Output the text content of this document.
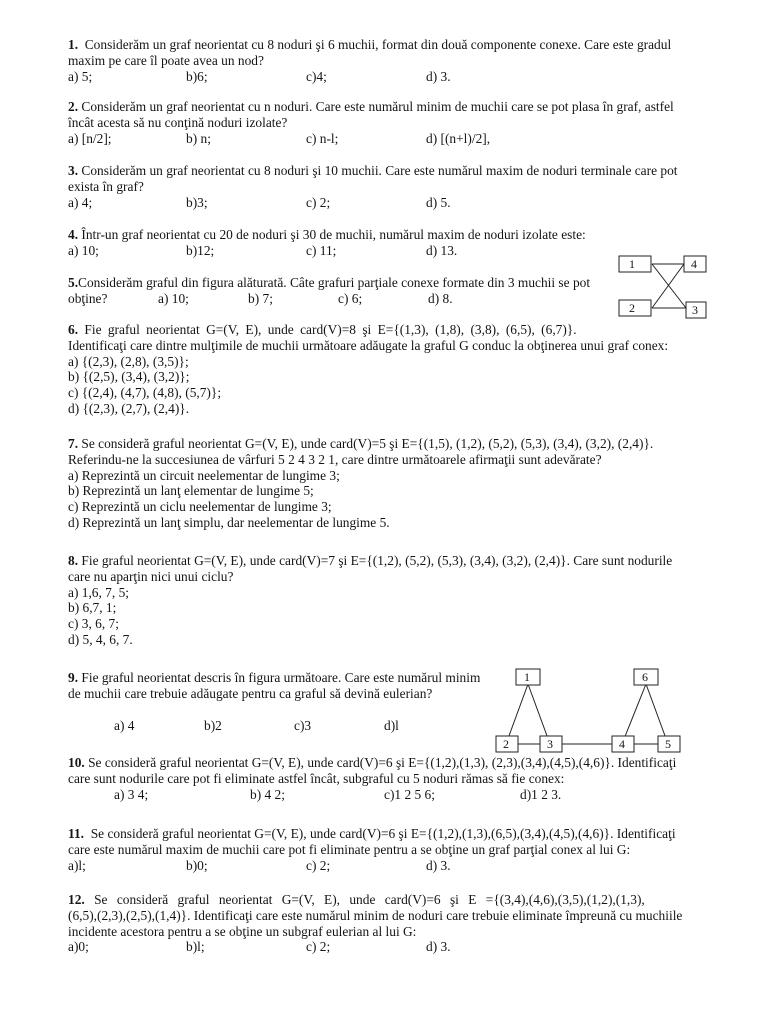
1. Considerăm un graf neorientat cu 8 noduri şi 6 muchii, format din două componente conexe. Care este gradul
maxim pe care îl poate avea un nod?
a) 5;	b)6;	c)4;	d) 3.
2. Considerăm un graf neorientat cu n noduri. Care este numărul minim de muchii care se pot plasa în graf, astfel
încât acesta să nu conţină noduri izolate?
a) [n/2];	b) n;	c) n-l;	d) [(n+l)/2],
3. Considerăm un graf neorientat cu 8 noduri şi 10 muchii. Care este numărul maxim de noduri terminale care pot
exista în graf?
a) 4;	b)3;	c) 2;	d) 5.
4. Într-un graf neorientat cu 20 de noduri şi 30 de muchii, numărul maxim de noduri izolate este:
a) 10;	b)12;	c) 11;	d) 13.
5.Considerăm graful din figura alăturată. Câte grafuri parţiale conexe formate din 3 muchii se pot
obţine?	a) 10;	b) 7;	c) 6;	d) 8.
1	4
2	3
6. Fie graful neorientat G=(V, E), unde card(V)=8 şi E={(1,3), (1,8), (3,8), (6,5), (6,7)}.
Identificaţi care dintre mulţimile de muchii următoare adăugate la graful G conduc la obţinerea unui graf conex:
a) {(2,3), (2,8), (3,5)};
b) {(2,5), (3,4), (3,2)};
c) {(2,4), (4,7), (4,8), (5,7)};
d) {(2,3), (2,7), (2,4)}.
7. Se consideră graful neorientat G=(V, E), unde card(V)=5 şi E={(1,5), (1,2), (5,2), (5,3), (3,4), (3,2), (2,4)}.
Referindu-ne la succesiunea de vârfuri 5 2 4 3 2 1, care dintre următoarele afirmaţii sunt adevărate?
a) Reprezintă un circuit neelementar de lungime 3;
b) Reprezintă un lanţ elementar de lungime 5;
c) Reprezintă un ciclu neelementar de lungime 3;
d) Reprezintă un lanţ simplu, dar neelementar de lungime 5.
8. Fie graful neorientat G=(V, E), unde card(V)=7 şi E={(1,2), (5,2), (5,3), (3,4), (3,2), (2,4)}. Care sunt nodurile
care nu aparţin nici unui ciclu?
a) 1,6, 7, 5;
b) 6,7, 1;
c) 3, 6, 7;
d) 5, 4, 6, 7.
9. Fie graful neorientat descris în figura următoare. Care este numărul minim
de muchii care trebuie adăugate pentru ca graful să devină eulerian?
a) 4	b)2	c)3	d)l
1	6
2	3	4	5
10. Se consideră graful neorientat G=(V, E), unde card(V)=6 şi E={(1,2),(1,3), (2,3),(3,4),(4,5),(4,6)}. Identificaţi
care sunt nodurile care pot fi eliminate astfel încât, subgraful cu 5 noduri rămas să fie conex:
a) 3 4;	b) 4 2;	c)1 2 5 6;	d)1 2 3.
11. Se consideră graful neorientat G=(V, E), unde card(V)=6 şi E={(1,2),(1,3),(6,5),(3,4),(4,5),(4,6)}. Identificaţi
care este numărul maxim de muchii care pot fi eliminate pentru a se obţine un graf parţial conex al lui G:
a)l;	b)0;	c) 2;	d) 3.
12. Se consideră graful neorientat G=(V, E), unde card(V)=6 şi E ={(3,4),(4,6),(3,5),(1,2),(1,3),
(6,5),(2,3),(2,5),(1,4)}. Identificaţi care este numărul minim de noduri care trebuie eliminate împreună cu muchiile
incidente acestora pentru a se obţine un subgraf eulerian al lui G:
a)0;	b)l;	c) 2;	d) 3.
